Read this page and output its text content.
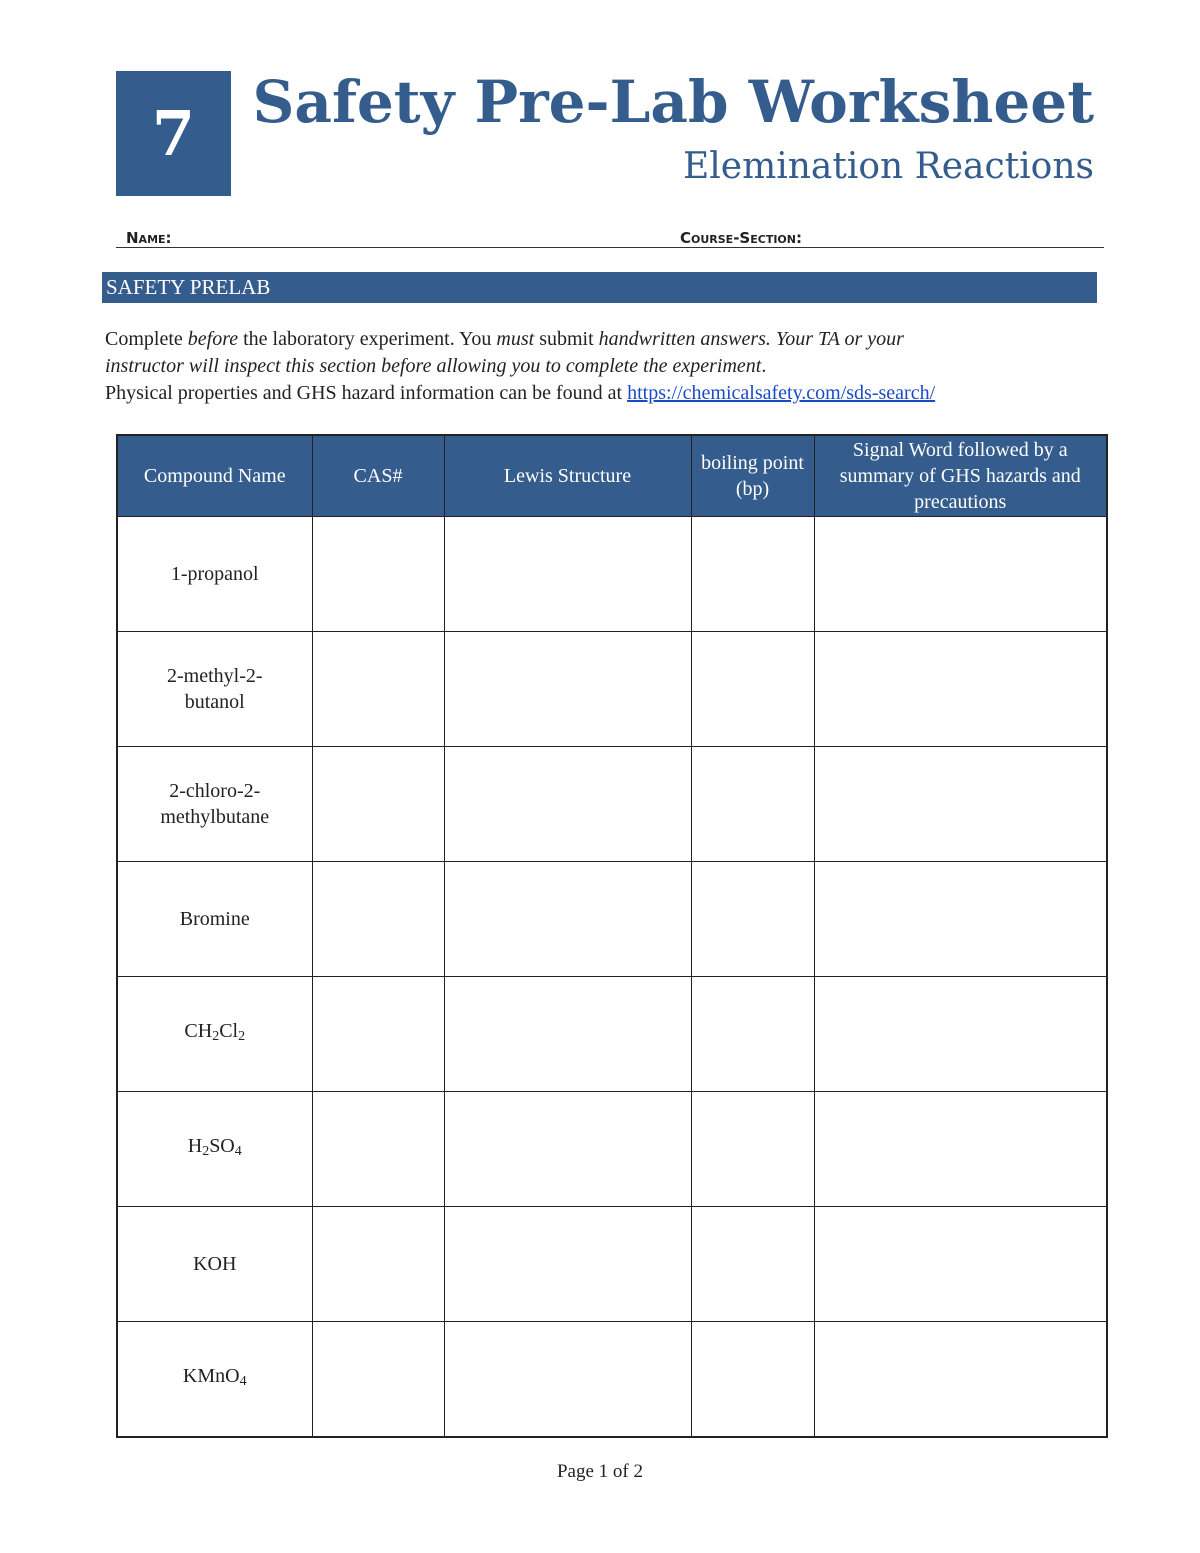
7 Safety Pre-Lab Worksheet
Elemination Reactions
Name:	Course-Section:
SAFETY PRELAB
Complete before the laboratory experiment. You must submit handwritten answers. Your TA or your
instructor will inspect this section before allowing you to complete the experiment.
Physical properties and GHS hazard information can be found at https://chemicalsafety.com/sds-search/
Compound Name	CAS#	Lewis Structure	boiling point (bp)	Signal Word followed by a summary of GHS hazards and precautions
1-propanol				
2-methyl-2-
butanol				
2-chloro-2-
methylbutane				
Bromine				
$CH_2Cl_2$				
$H_2SO_4$				
KOH				
KMnO$_4$				
Page 1 of 2
